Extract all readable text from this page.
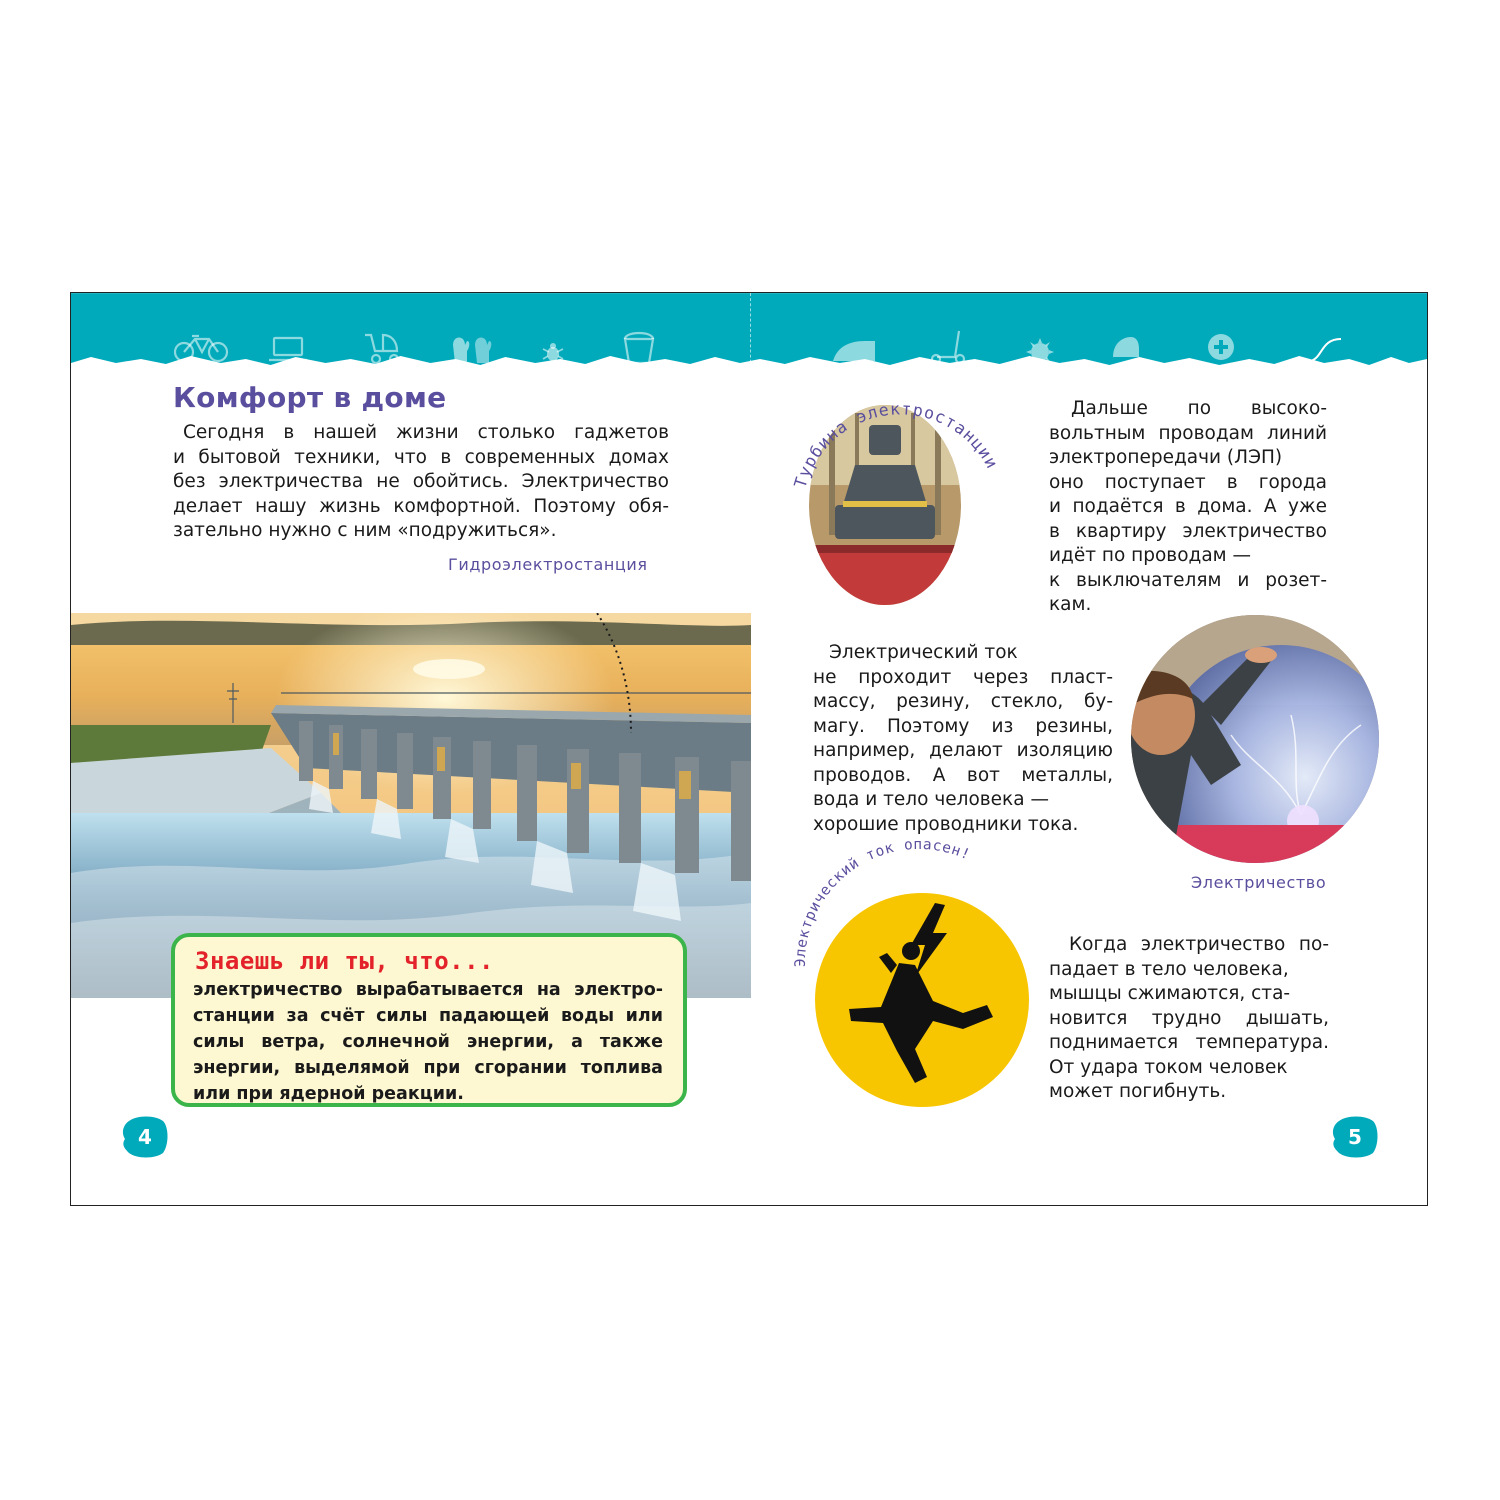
Комфорт в доме
Сегодня в нашей жизни столько гаджетов
и бытовой техники, что в современных домах
без электричества не обойтись. Электричество
делает нашу жизнь комфортной. Поэтому обя-
зательно нужно с ним «подружиться».

Гидроэлектростанция

Знаешь ли ты, что...

электричество вырабатывается на электро-
станции за счёт силы падающей воды или
силы ветра, солнечной энергии, а также
энергии, выделямой при сгорании топлива
или при ядерной реакции.
4
Турбина электростанции
Дальше по высоко-
вольтным проводам линий
электропередачи (ЛЭП)
оно поступает в города
и подаётся в дома. А уже
в квартиру электричество
идёт по проводам —
к выключателям и розет-
кам.
Электрический ток
не проходит через пласт-
массу, резину, стекло, бу-
магу. Поэтому из резины,
например, делают изоляцию
проводов. А вот металлы,
вода и тело человека —
хорошие проводники тока.

Электричество

Электрический ток опасен!
Когда электричество по-
падает в тело человека,
мышцы сжимаются, ста-
новится трудно дышать,
поднимается температура.
От удара током человек
может погибнуть.
5
